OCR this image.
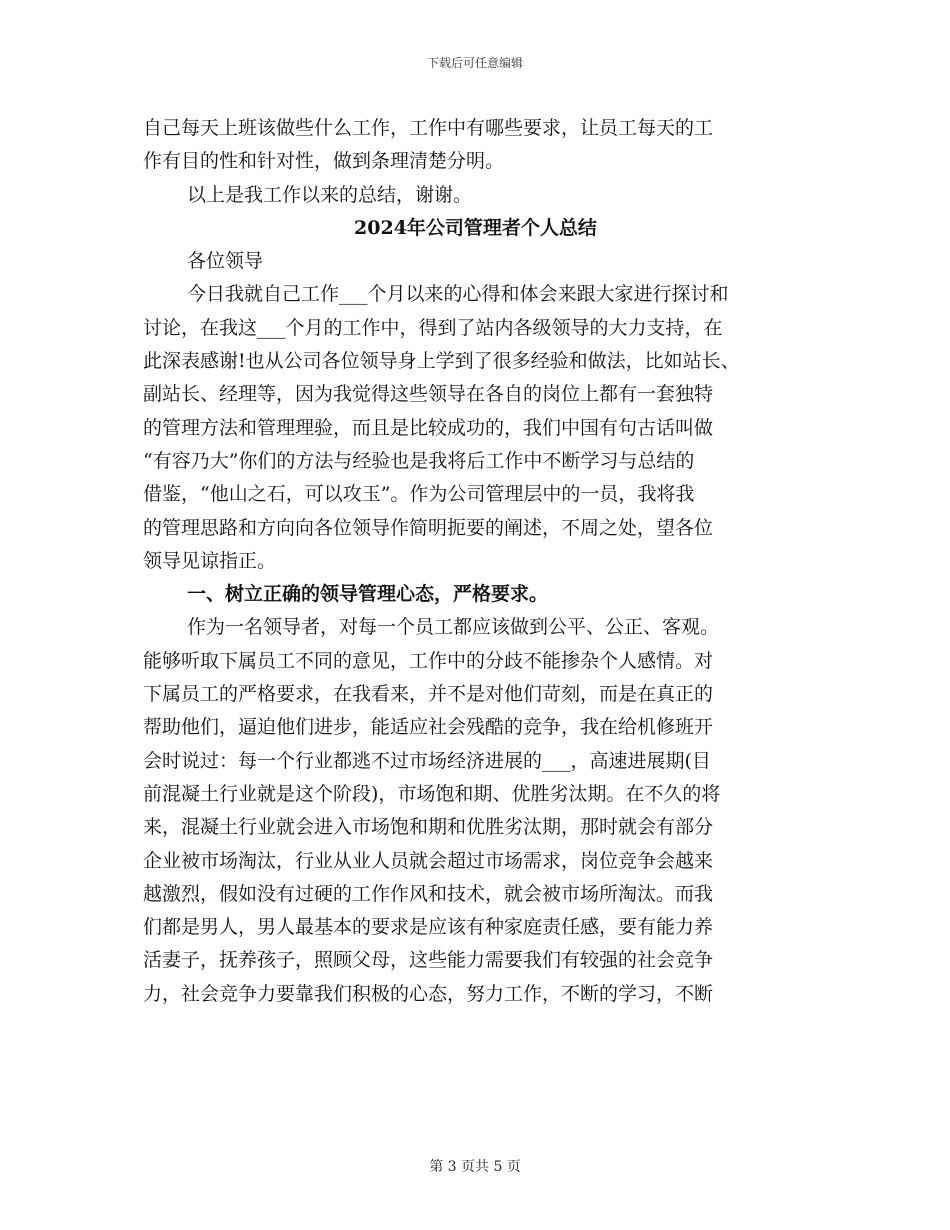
下载后可任意编辑
自己每天上班该做些什么工作，工作中有哪些要求，让员工每天的工
作有目的性和针对性，做到条理清楚分明。
以上是我工作以来的总结，谢谢。
2024年公司管理者个人总结
各位领导
今日我就自己工作___个月以来的心得和体会来跟大家进行探讨和
讨论，在我这___个月的工作中，得到了站内各级领导的大力支持，在
此深表感谢!也从公司各位领导身上学到了很多经验和做法，比如站长、
副站长、经理等，因为我觉得这些领导在各自的岗位上都有一套独特
的管理方法和管理理验，而且是比较成功的，我们中国有句古话叫做
“有容乃大”你们的方法与经验也是我将后工作中不断学习与总结的
借鉴，“他山之石，可以攻玉”。作为公司管理层中的一员，我将我
的管理思路和方向向各位领导作简明扼要的阐述，不周之处，望各位
领导见谅指正。
一、树立正确的领导管理心态，严格要求。
作为一名领导者，对每一个员工都应该做到公平、公正、客观。
能够听取下属员工不同的意见，工作中的分歧不能掺杂个人感情。对
下属员工的严格要求，在我看来，并不是对他们苛刻，而是在真正的
帮助他们，逼迫他们进步，能适应社会残酷的竞争，我在给机修班开
会时说过：每一个行业都逃不过市场经济进展的___，高速进展期(目
前混凝土行业就是这个阶段)，市场饱和期、优胜劣汰期。在不久的将
来，混凝土行业就会进入市场饱和期和优胜劣汰期，那时就会有部分
企业被市场淘汰，行业从业人员就会超过市场需求，岗位竞争会越来
越激烈，假如没有过硬的工作作风和技术，就会被市场所淘汰。而我
们都是男人，男人最基本的要求是应该有种家庭责任感，要有能力养
活妻子，抚养孩子，照顾父母，这些能力需要我们有较强的社会竞争
力，社会竞争力要靠我们积极的心态，努力工作，不断的学习，不断
第 3 页共 5 页
